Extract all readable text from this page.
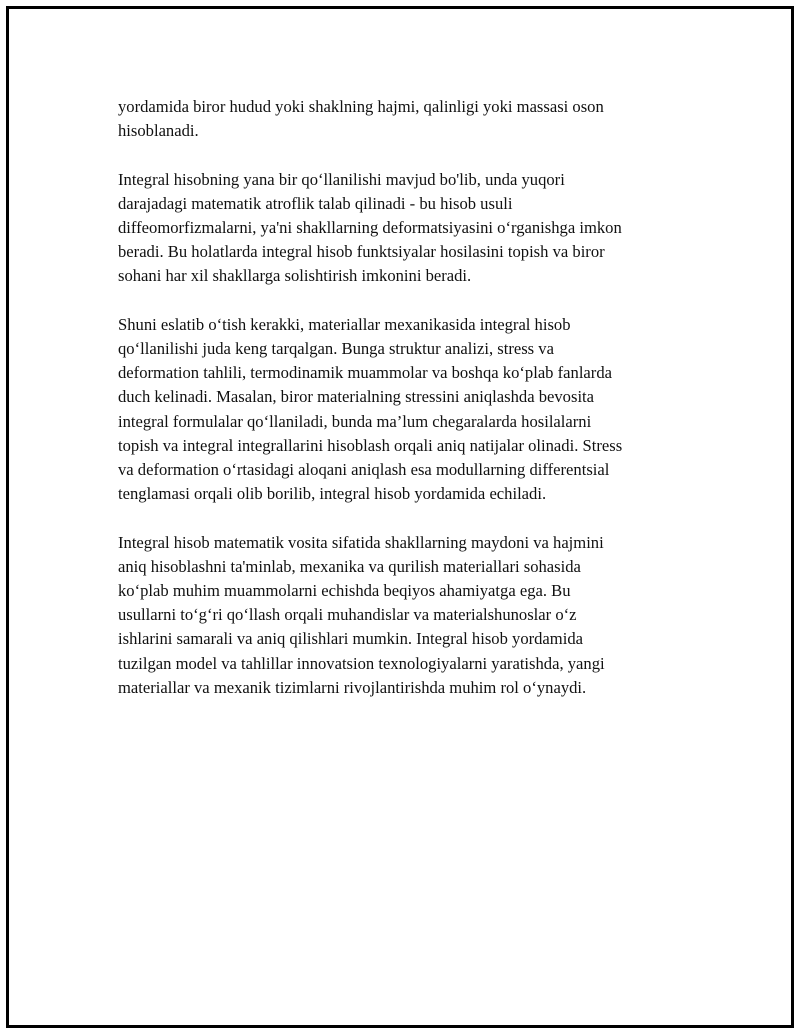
yordamida biror hudud yoki shaklning hajmi, qalinligi yoki massasi oson
hisoblanadi.

Integral hisobning yana bir qo‘llanilishi mavjud bo'lib, unda yuqori
darajadagi matematik atroflik talab qilinadi - bu hisob usuli
diffeomorfizmalarni, ya'ni shakllarning deformatsiyasini o‘rganishga imkon
beradi. Bu holatlarda integral hisob funktsiyalar hosilasini topish va biror
sohani har xil shakllarga solishtirish imkonini beradi.

Shuni eslatib o‘tish kerakki, materiallar mexanikasida integral hisob
qo‘llanilishi juda keng tarqalgan. Bunga struktur analizi, stress va
deformation tahlili, termodinamik muammolar va boshqa ko‘plab fanlarda
duch kelinadi. Masalan, biror materialning stressini aniqlashda bevosita
integral formulalar qo‘llaniladi, bunda ma’lum chegaralarda hosilalarni
topish va integral integrallarini hisoblash orqali aniq natijalar olinadi. Stress
va deformation o‘rtasidagi aloqani aniqlash esa modullarning differentsial
tenglamasi orqali olib borilib, integral hisob yordamida echiladi.

Integral hisob matematik vosita sifatida shakllarning maydoni va hajmini
aniq hisoblashni ta'minlab, mexanika va qurilish materiallari sohasida
ko‘plab muhim muammolarni echishda beqiyos ahamiyatga ega. Bu
usullarni to‘g‘ri qo‘llash orqali muhandislar va materialshunoslar o‘z
ishlarini samarali va aniq qilishlari mumkin. Integral hisob yordamida
tuzilgan model va tahlillar innovatsion texnologiyalarni yaratishda, yangi
materiallar va mexanik tizimlarni rivojlantirishda muhim rol o‘ynaydi.
